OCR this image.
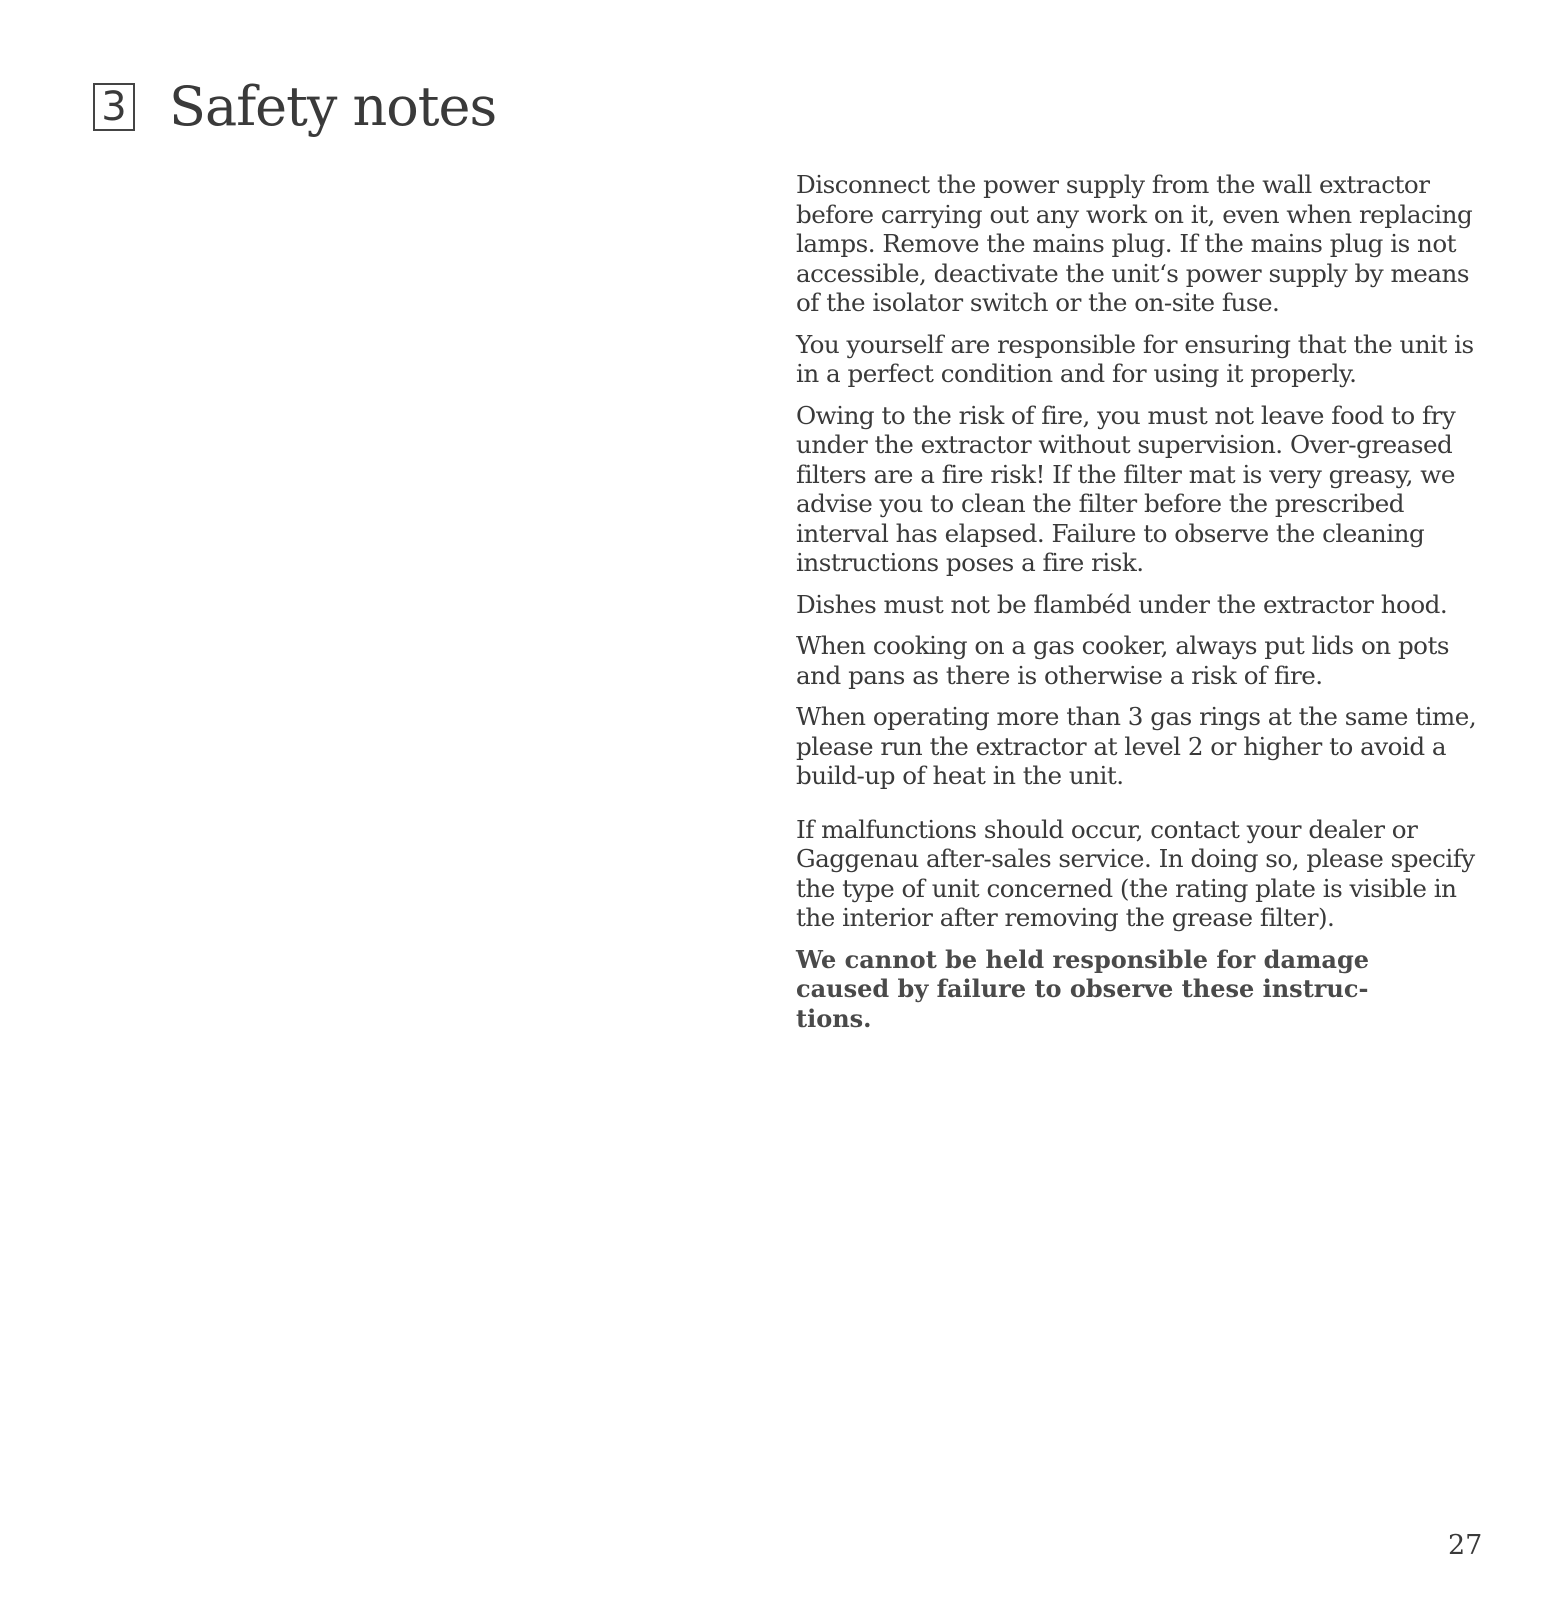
3 Safety notes

Disconnect the power supply from the wall extractor before carrying out any work on it, even when replacing lamps. Remove the mains plug. If the mains plug is not accessible, deactivate the unit‘s power supply by means of the isolator switch or the on-site fuse.

You yourself are responsible for ensuring that the unit is in a perfect condition and for using it properly.

Owing to the risk of fire, you must not leave food to fry under the extractor without supervision. Over-greased filters are a fire risk! If the filter mat is very greasy, we advise you to clean the filter before the prescribed interval has elapsed. Failure to observe the cleaning instructions poses a fire risk.

Dishes must not be flambéd under the extractor hood.

When cooking on a gas cooker, always put lids on pots and pans as there is otherwise a risk of fire.

When operating more than 3 gas rings at the same time, please run the extractor at level 2 or higher to avoid a build-up of heat in the unit.

If malfunctions should occur, contact your dealer or Gaggenau after-sales service. In doing so, please specify the type of unit concerned (the rating plate is visible in the interior after removing the grease filter).

We cannot be held responsible for damage caused by failure to observe these instruc-tions.

27
